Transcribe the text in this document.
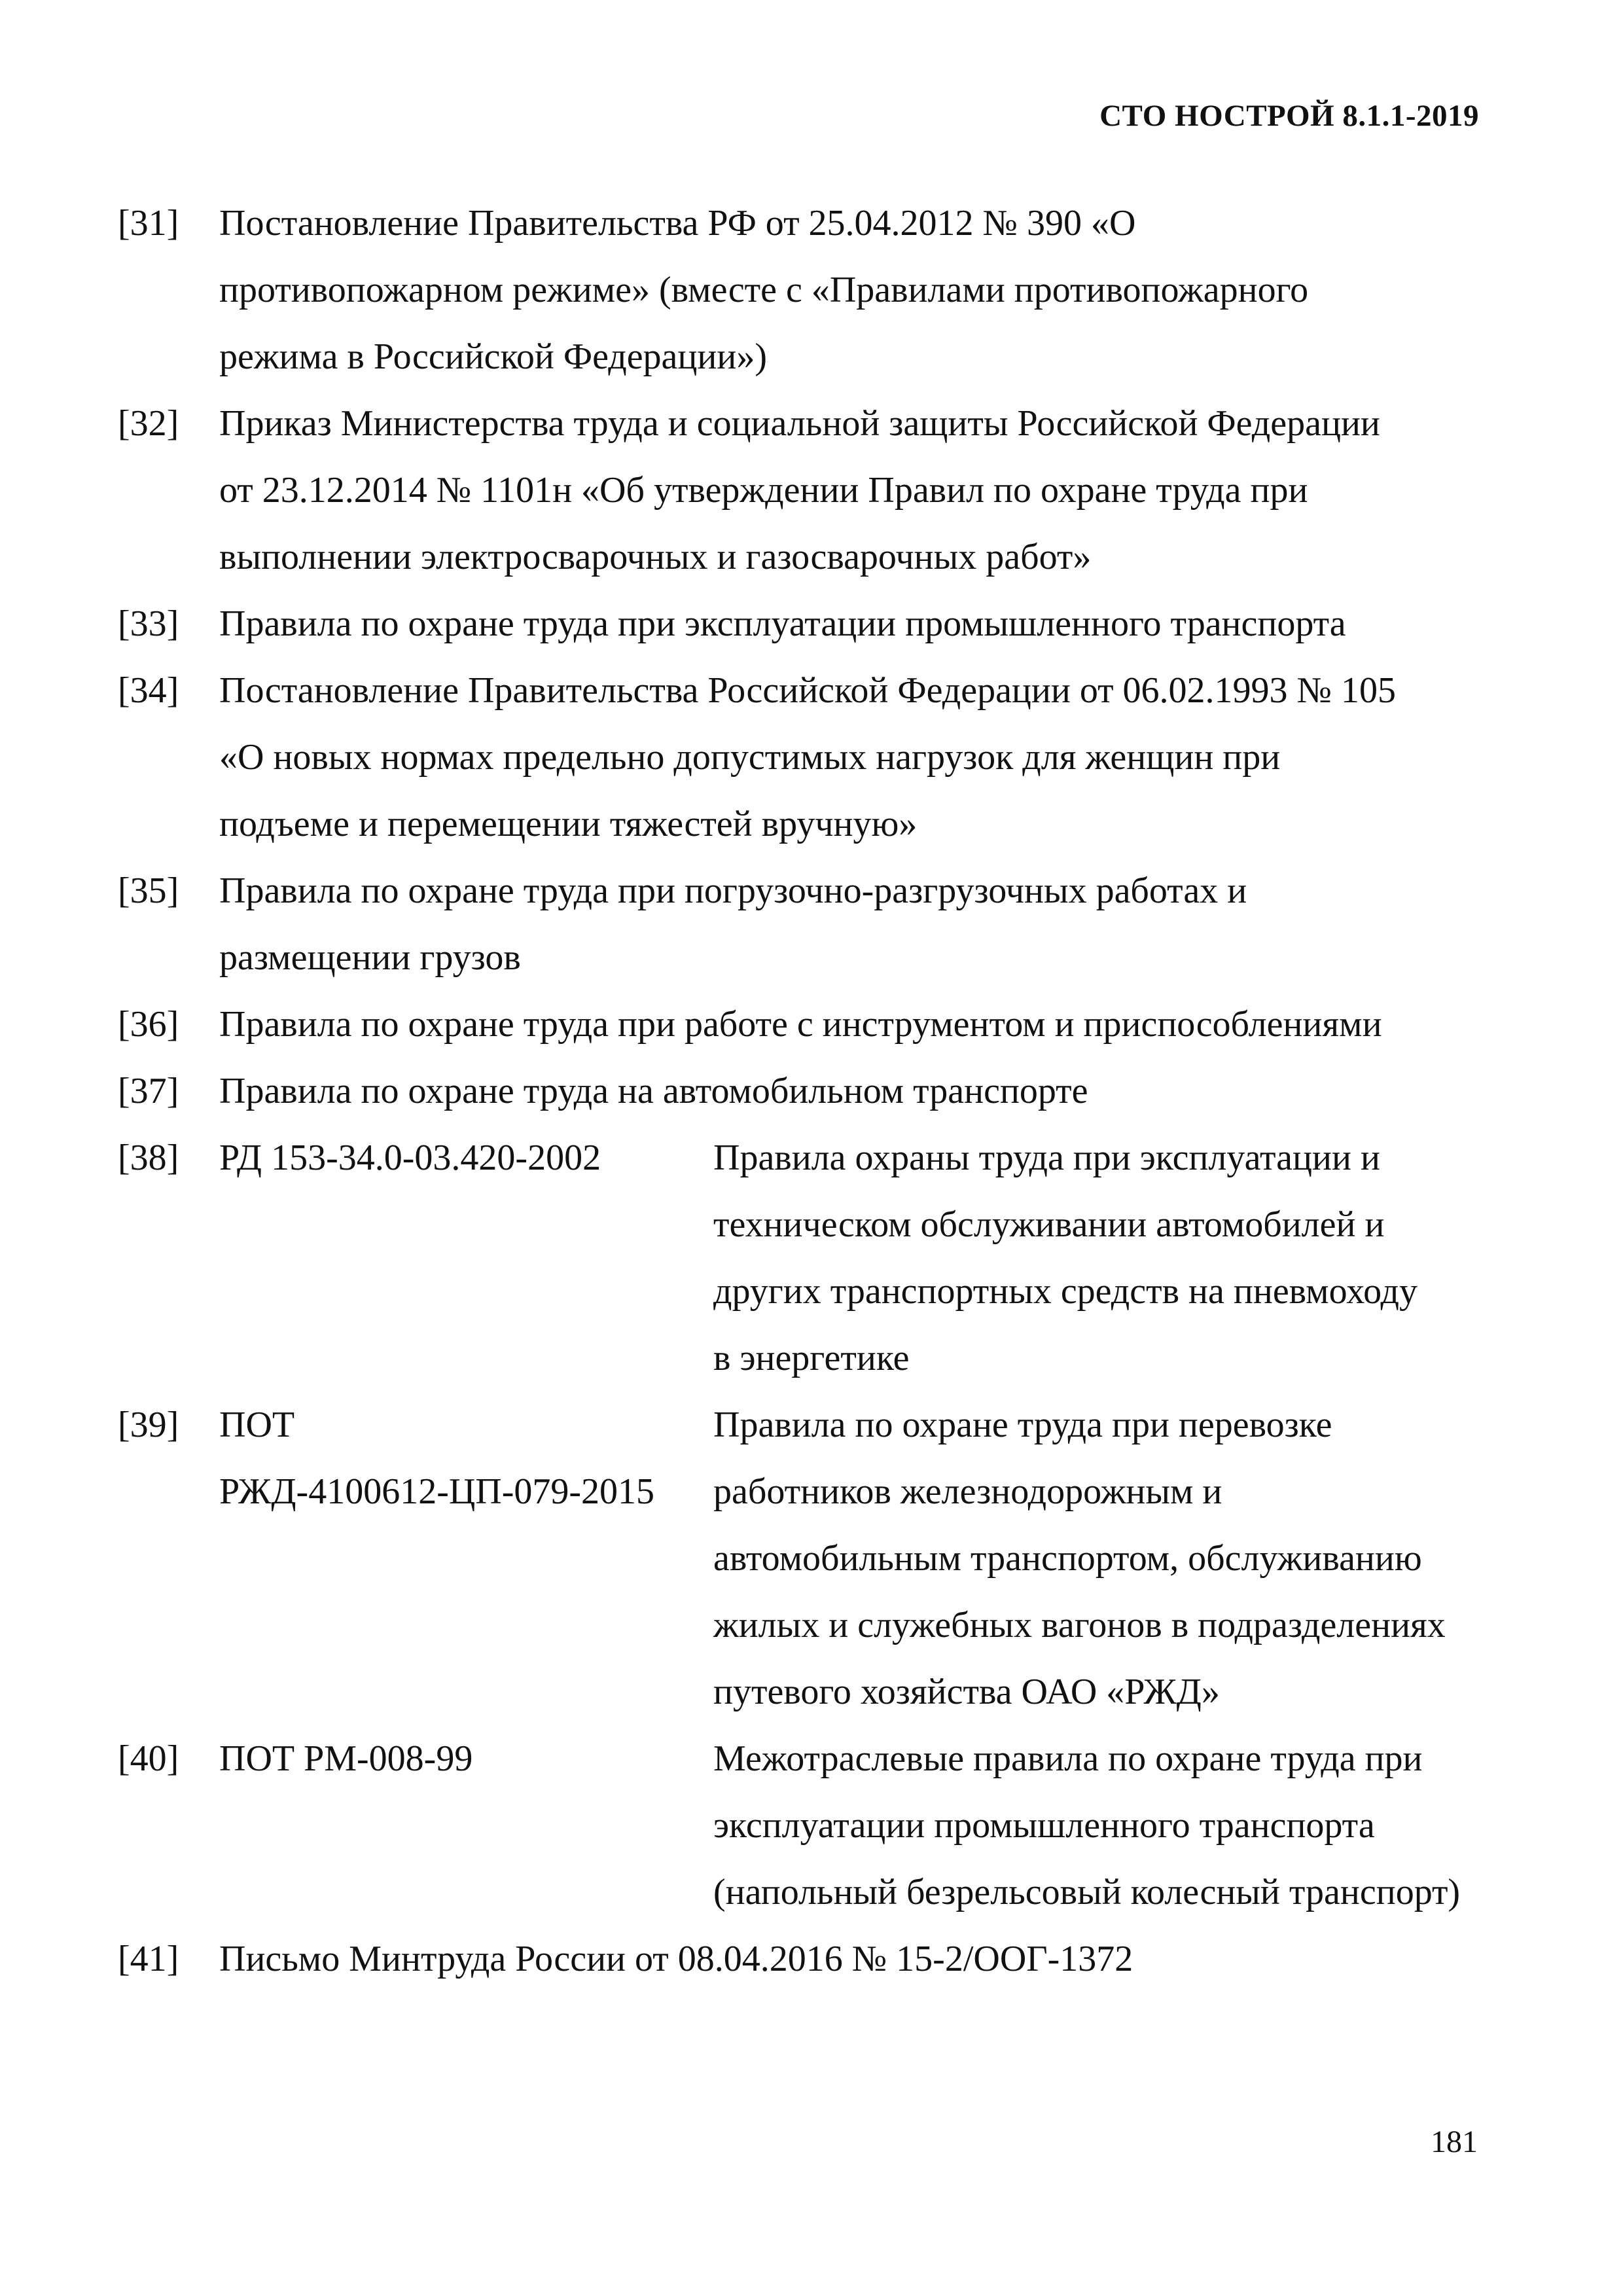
СТО НОСТРОЙ 8.1.1-2019
[31] Постановление Правительства РФ от 25.04.2012 № 390 «О
противопожарном режиме» (вместе с «Правилами противопожарного
режима в Российской Федерации»)
[32] Приказ Министерства труда и социальной защиты Российской Федерации
от 23.12.2014 № 1101н «Об утверждении Правил по охране труда при
выполнении электросварочных и газосварочных работ»
[33] Правила по охране труда при эксплуатации промышленного транспорта
[34] Постановление Правительства Российской Федерации от 06.02.1993 № 105
«О новых нормах предельно допустимых нагрузок для женщин при
подъеме и перемещении тяжестей вручную»
[35] Правила по охране труда при погрузочно-разгрузочных работах и
размещении грузов
[36] Правила по охране труда при работе с инструментом и приспособлениями
[37] Правила по охране труда на автомобильном транспорте
[38] РД 153-34.0-03.420-2002	Правила охраны труда при эксплуатации и
техническом обслуживании автомобилей и
других транспортных средств на пневмоходу
в энергетике
[39] ПОТ
РЖД-4100612-ЦП-079-2015
Правила по охране труда при перевозке
работников железнодорожным и
автомобильным транспортом, обслуживанию
жилых и служебных вагонов в подразделениях
путевого хозяйства ОАО «РЖД»
[40] ПОТ РМ-008-99	Межотраслевые правила по охране труда при
эксплуатации промышленного транспорта
(напольный безрельсовый колесный транспорт)
[41] Письмо Минтруда России от 08.04.2016 № 15-2/ООГ-1372
181
